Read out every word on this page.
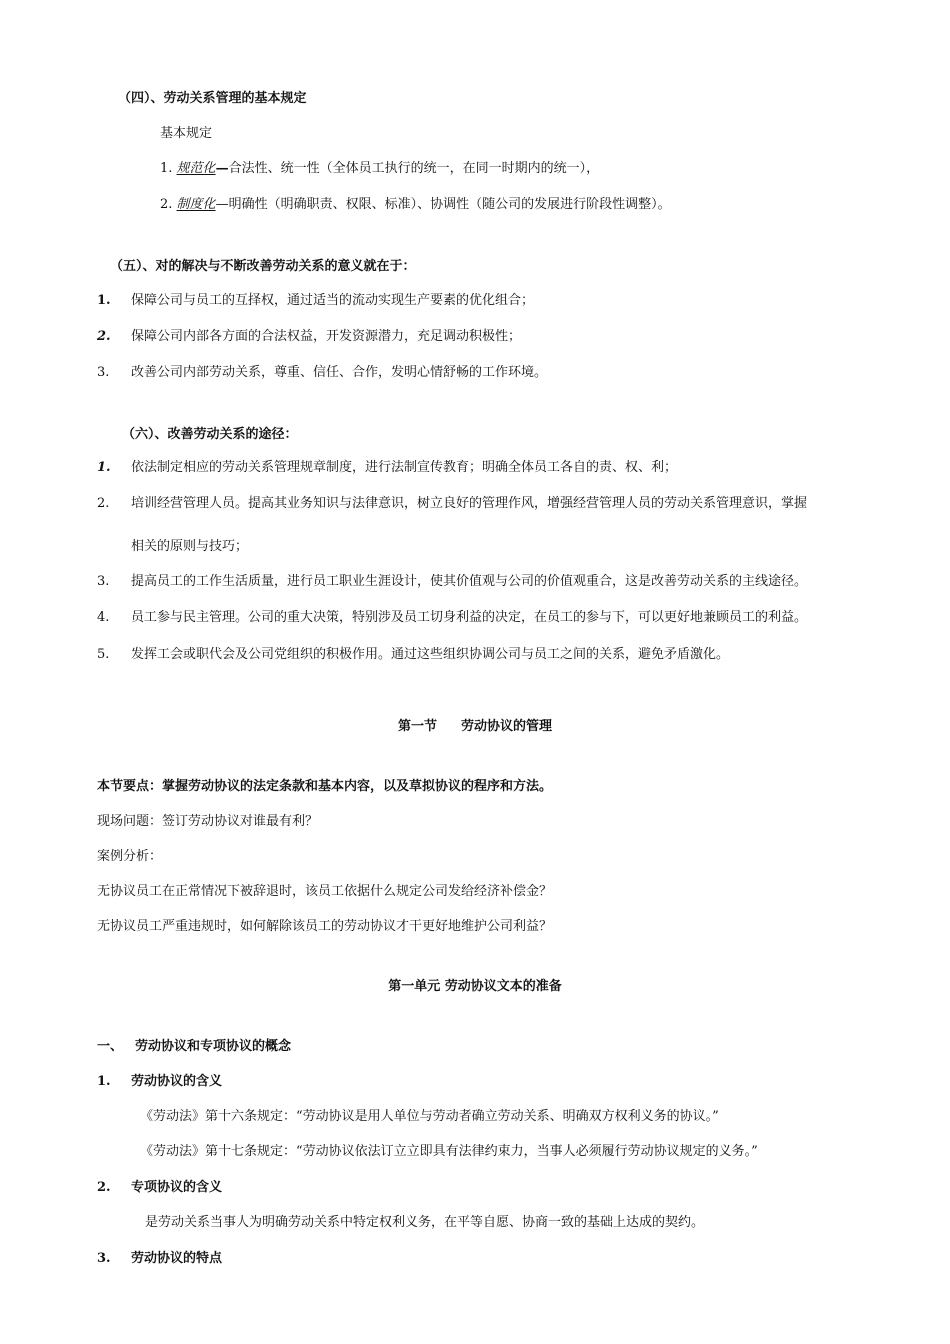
（四）、劳动关系管理的基本规定
基本规定
1. 规范化—合法性、统一性（全体员工执行的统一，在同一时期内的统一），
2. 制度化—明确性（明确职责、权限、标准）、协调性（随公司的发展进行阶段性调整）。
（五）、对的解决与不断改善劳动关系的意义就在于：
1. 保障公司与员工的互择权，通过适当的流动实现生产要素的优化组合；
2. 保障公司内部各方面的合法权益，开发资源潜力，充足调动积极性；
3. 改善公司内部劳动关系，尊重、信任、合作，发明心情舒畅的工作环境。
（六）、改善劳动关系的途径：
1. 依法制定相应的劳动关系管理规章制度，进行法制宣传教育；明确全体员工各自的责、权、利；
2. 培训经营管理人员。提高其业务知识与法律意识，树立良好的管理作风，增强经营管理人员的劳动关系管理意识，掌握
相关的原则与技巧；
3. 提高员工的工作生活质量，进行员工职业生涯设计，使其价值观与公司的价值观重合，这是改善劳动关系的主线途径。
4. 员工参与民主管理。公司的重大决策，特别涉及员工切身利益的决定，在员工的参与下，可以更好地兼顾员工的利益。
5. 发挥工会或职代会及公司党组织的积极作用。通过这些组织协调公司与员工之间的关系，避免矛盾激化。
第一节 劳动协议的管理
本节要点：掌握劳动协议的法定条款和基本内容，以及草拟协议的程序和方法。
现场问题：签订劳动协议对谁最有利？
案例分析：
无协议员工在正常情况下被辞退时，该员工依据什么规定公司发给经济补偿金？
无协议员工严重违规时，如何解除该员工的劳动协议才干更好地维护公司利益？
第一单元 劳动协议文本的准备
一、 劳动协议和专项协议的概念
1. 劳动协议的含义
《劳动法》第十六条规定：“劳动协议是用人单位与劳动者确立劳动关系、明确双方权利义务的协议。”
《劳动法》第十七条规定：“劳动协议依法订立立即具有法律约束力，当事人必须履行劳动协议规定的义务。”
2. 专项协议的含义
是劳动关系当事人为明确劳动关系中特定权利义务，在平等自愿、协商一致的基础上达成的契约。
3. 劳动协议的特点
